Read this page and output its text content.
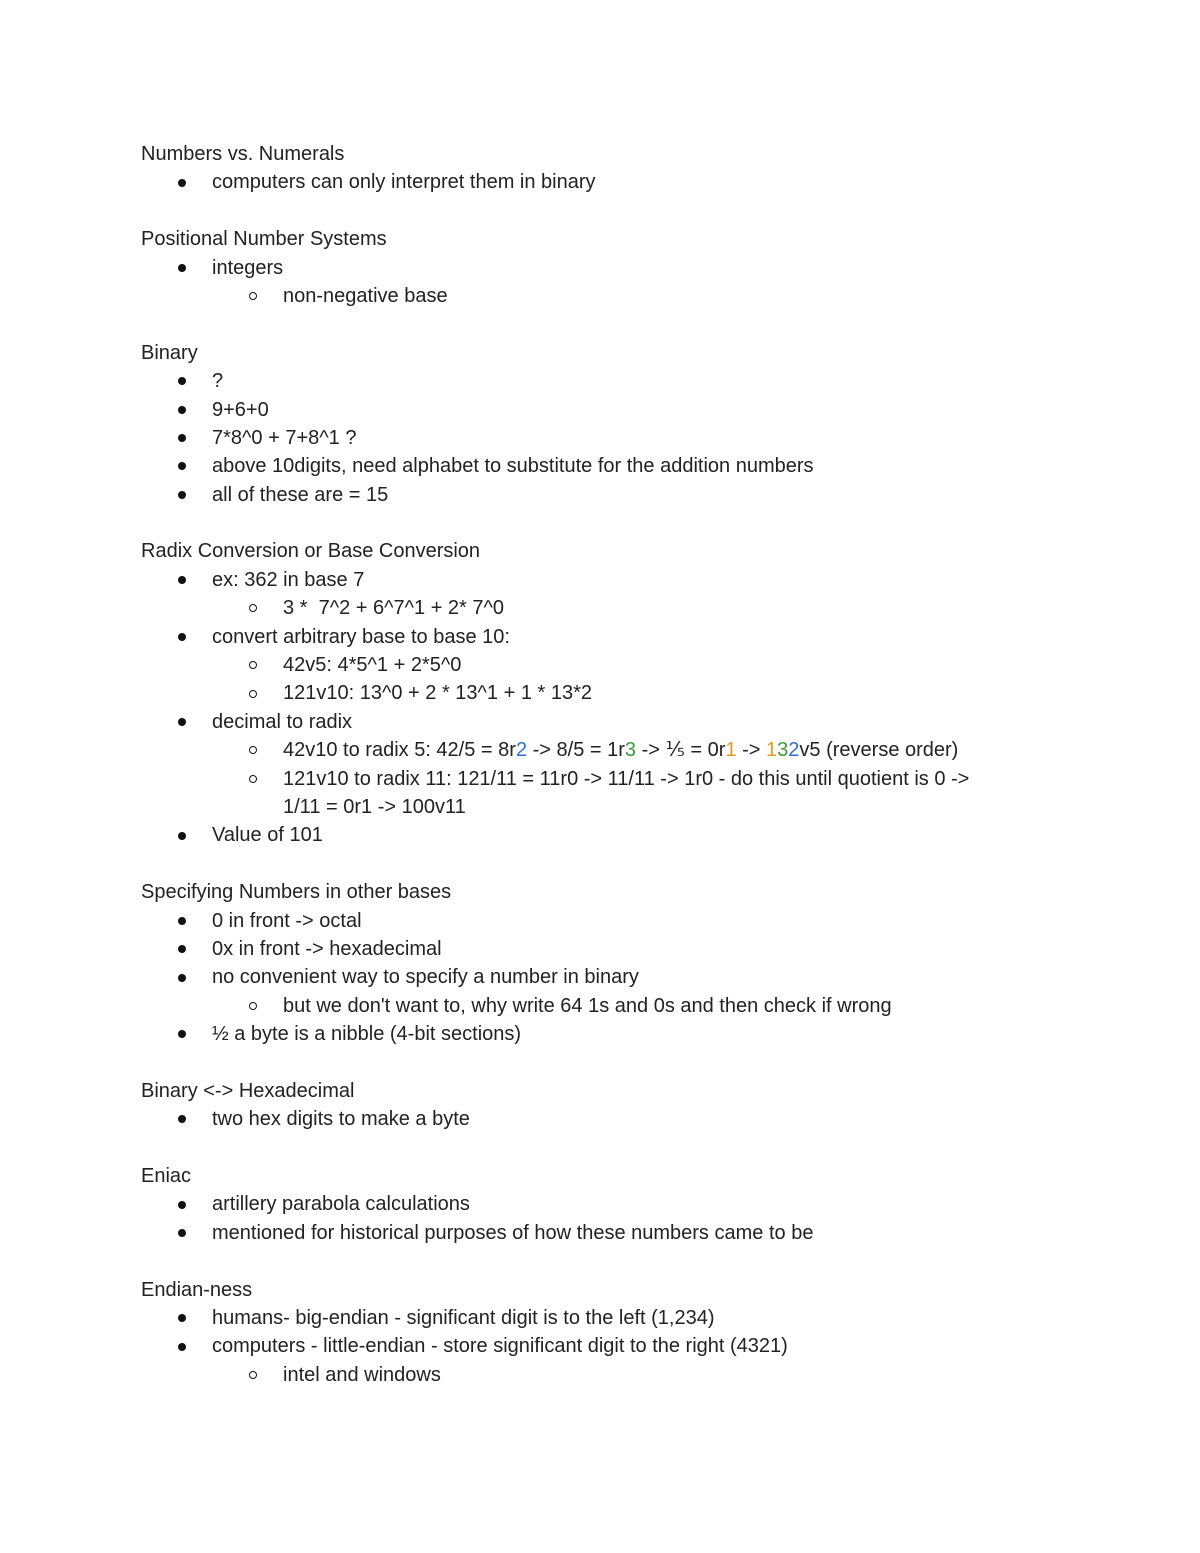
Numbers vs. Numerals
computers can only interpret them in binary
Positional Number Systems
integers
non-negative base
Binary
?
9+6+0
7*8^0 + 7+8^1 ?
above 10digits, need alphabet to substitute for the addition numbers
all of these are = 15
Radix Conversion or Base Conversion
ex: 362 in base 7
3 *  7^2 + 6^7^1 + 2* 7^0
convert arbitrary base to base 10:
42v5: 4*5^1 + 2*5^0
121v10: 13^0 + 2 * 13^1 + 1 * 13*2
decimal to radix
42v10 to radix 5: 42/5 = 8r2 -> 8/5 = 1r3 -> ⅕ = 0r1 -> 132v5 (reverse order)
121v10 to radix 11: 121/11 = 11r0 -> 11/11 -> 1r0 - do this until quotient is 0 ->
1/11 = 0r1 -> 100v11
Value of 101
Specifying Numbers in other bases
0 in front -> octal
0x in front -> hexadecimal
no convenient way to specify a number in binary
but we don't want to, why write 64 1s and 0s and then check if wrong
½ a byte is a nibble (4-bit sections)
Binary <-> Hexadecimal
two hex digits to make a byte
Eniac
artillery parabola calculations
mentioned for historical purposes of how these numbers came to be
Endian-ness
humans- big-endian - significant digit is to the left (1,234)
computers - little-endian - store significant digit to the right (4321)
intel and windows
